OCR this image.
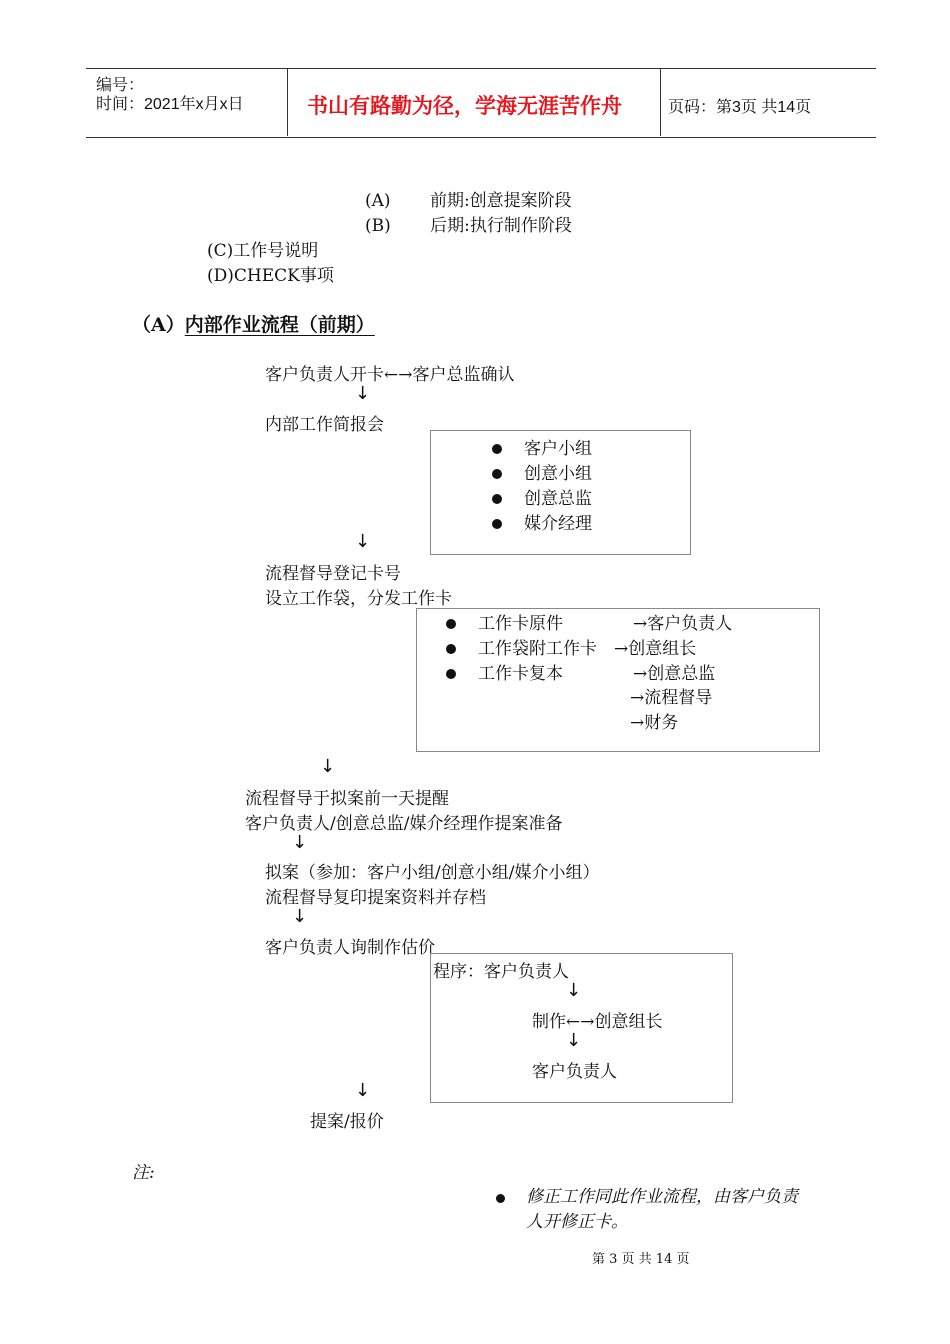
编号：
时间：2021年x月x日	书山有路勤为径，学海无涯苦作舟	页码：第3页 共14页
(A)　　 前期:创意提案阶段
(B)　　 后期:执行制作阶段
(C)工作号说明
(D)CHECK事项
（A）内部作业流程（前期）
客户负责人开卡←→客户总监确认
↓
内部工作简报会
客户小组
创意小组
创意总监
媒介经理
↓
流程督导登记卡号
设立工作袋，分发工作卡
工作卡原件	→客户负责人
工作袋附工作卡 →创意组长
工作卡复本	→创意总监
→流程督导
→财务
↓
流程督导于拟案前一天提醒
客户负责人/创意总监/媒介经理作提案准备
↓
拟案（参加：客户小组/创意小组/媒介小组）
流程督导复印提案资料并存档
↓
客户负责人询制作估价
程序：客户负责人
↓
制作←→创意组长
↓
客户负责人
↓
提案/报价
注:
修正工作同此作业流程，由客户负责
人开修正卡。
第 3 页 共 14 页
